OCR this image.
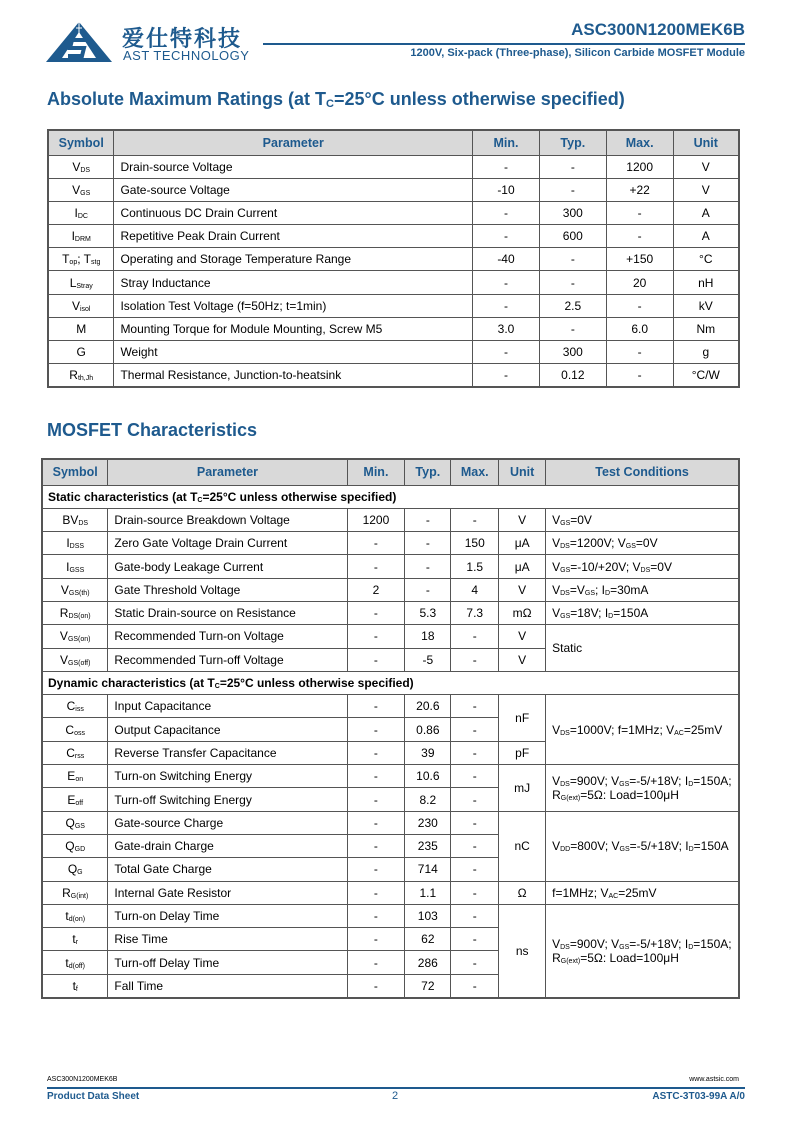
爱仕特科技
AST TECHNOLOGY
ASC300N1200MEK6B
1200V, Six-pack (Three-phase), Silicon Carbide MOSFET Module
Absolute Maximum Ratings (at $T_C=25^\circ C$ unless otherwise specified)
Symbol	Parameter	Min.	Typ.	Max.	Unit
$V_{DS}$	Drain-source Voltage	-	-	1200	V
$V_{GS}$	Gate-source Voltage	-10	-	+22	V
$I_{DC}$	Continuous DC Drain Current	-	300	-	A
$I_{DRM}$	Repetitive Peak Drain Current	-	600	-	A
$T_{op}$; $T_{stg}$	Operating and Storage Temperature Range	-40	-	+150	°C
$L_{Stray}$	Stray Inductance	-	-	20	nH
$V_{isol}$	Isolation Test Voltage (f=50Hz; t=1min)	-	2.5	-	kV
M	Mounting Torque for Module Mounting, Screw M5	3.0	-	6.0	Nm
G	Weight	-	300	-	g
$R_{th,Jh}$	Thermal Resistance, Junction-to-heatsink	-	0.12	-	°C/W
MOSFET Characteristics
Symbol	Parameter	Min.	Typ.	Max.	Unit	Test Conditions
Static characteristics (at $T_C=25^\circ C$ unless otherwise specified)						
$BV_{DS}$	Drain-source Breakdown Voltage	1200	-	-	V	$V_{GS}=0V$
$I_{DSS}$	Zero Gate Voltage Drain Current	-	-	150	μA	$V_{DS}=1200V$; $V_{GS}=0V$
$I_{GSS}$	Gate-body Leakage Current	-	-	1.5	μA	$V_{GS}=-10/+20V$; $V_{DS}=0V$
$V_{GS(th)}$	Gate Threshold Voltage	2	-	4	V	$V_{DS}=V_{GS}$; $I_D=30mA$
$R_{DS(on)}$	Static Drain-source on Resistance	-	5.3	7.3	mΩ	$V_{GS}=18V$; $I_D=150A$
$V_{GS(on)}$	Recommended Turn-on Voltage	-	18	-	V	Static
$V_{GS(off)}$	Recommended Turn-off Voltage	-	-5	-	V	
Dynamic characteristics (at $T_C=25^\circ C$ unless otherwise specified)						
$C_{iss}$	Input Capacitance	-	20.6	-	nF	$V_{DS}=1000V$; f=1MHz; $V_{AC}=25mV$
$C_{oss}$	Output Capacitance	-	0.86	-		
$C_{rss}$	Reverse Transfer Capacitance	-	39	-	pF	
$E_{on}$	Turn-on Switching Energy	-	10.6	-	mJ	$V_{DS}=900V$; $V_{GS}=-5/+18V$; $I_D=150A$;
$R_{G(ext)}=5\Omega$: Load=100μH
$E_{off}$	Turn-off Switching Energy	-	8.2	-		
$Q_{GS}$	Gate-source Charge	-	230	-	nC	$V_{DD}=800V$; $V_{GS}=-5/+18V$; $I_D=150A$
$Q_{GD}$	Gate-drain Charge	-	235	-		
$Q_G$	Total Gate Charge	-	714	-		
$R_{G(int)}$	Internal Gate Resistor	-	1.1	-	Ω	f=1MHz; $V_{AC}=25mV$
$t_{d(on)}$	Turn-on Delay Time	-	103	-	ns	$V_{DS}=900V$; $V_{GS}=-5/+18V$; $I_D=150A$;
$R_{G(ext)}=5\Omega$: Load=100μH
$t_r$	Rise Time	-	62	-		
$t_{d(off)}$	Turn-off Delay Time	-	286	-		
$t_f$	Fall Time	-	72	-		
ASC300N1200MEK6B	www.astsic.com
Product Data Sheet	2	ASTC-3T03-99A A/0
